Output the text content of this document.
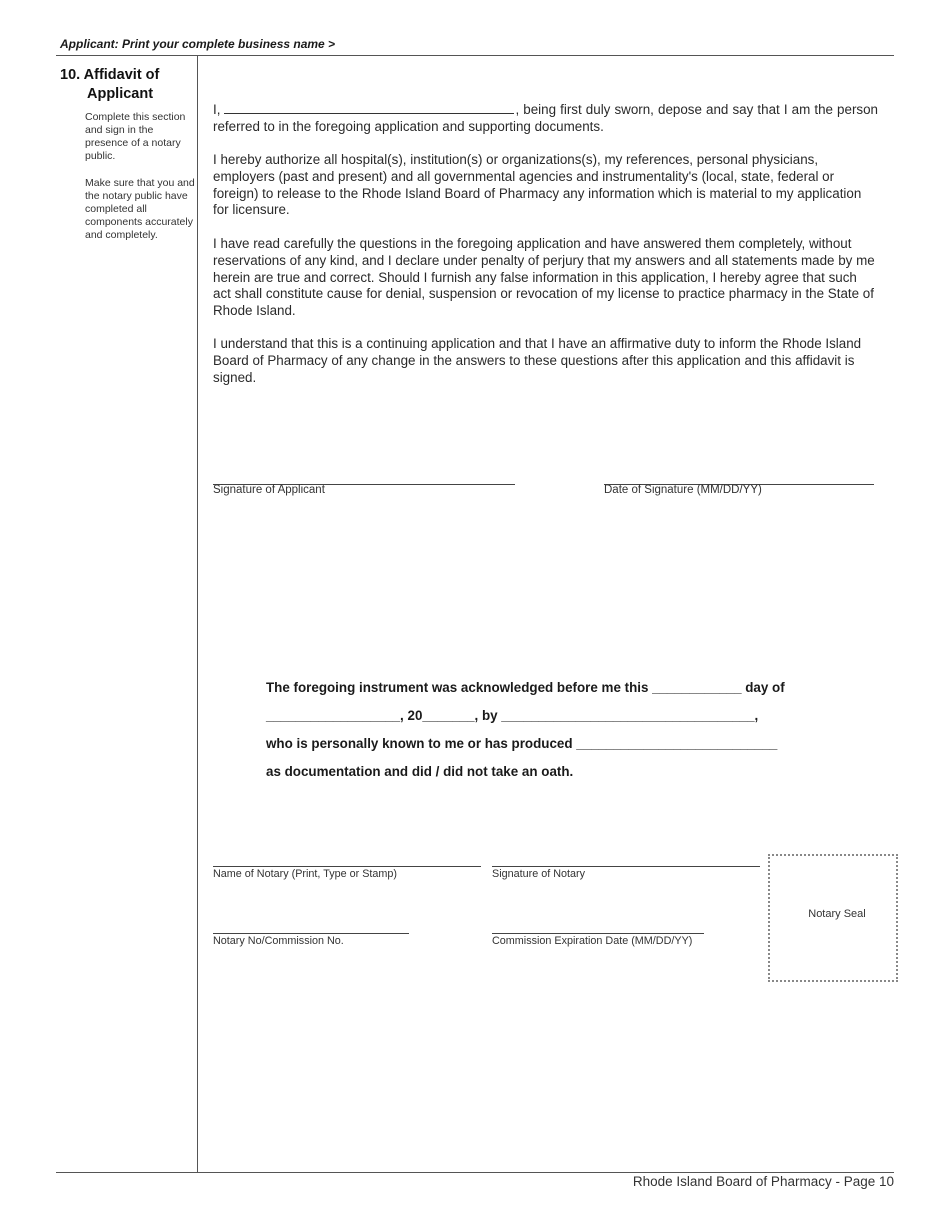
Applicant: Print your complete business name >
10. Affidavit of
Applicant
Complete this section and sign in the presence of a notary public.
Make sure that you and the notary public have completed all components accurately and completely.
I,	, being first duly sworn, depose and say that I am the person referred to in the foregoing application and supporting documents.
I hereby authorize all hospital(s), institution(s) or organizations(s), my references, personal physicians, employers (past and present) and all governmental agencies and instrumentality's (local, state, federal or foreign) to release to the Rhode Island Board of Pharmacy any information which is material to my application for licensure.
I have read carefully the questions in the foregoing application and have answered them completely, without reservations of any kind, and I declare under penalty of perjury that my answers and all statements made by me herein are true and correct. Should I furnish any false information in this application, I hereby agree that such act shall constitute cause for denial, suspension or revocation of my license to practice pharmacy in the State of Rhode Island.
I understand that this is a continuing application and that I have an affirmative duty to inform the Rhode Island Board of Pharmacy of any change in the answers to these questions after this application and this affidavit is signed.
Signature of Applicant	Date of Signature (MM/DD/YY)
The foregoing instrument was acknowledged before me this ____________ day of
__________________, 20_______, by __________________________________,
who is personally known to me or has produced ___________________________
as documentation and did / did not take an oath.
Name of Notary (Print, Type or Stamp)	Signature of Notary
Notary No/Commission No.	Commission Expiration Date (MM/DD/YY)
Notary Seal
Rhode Island Board of Pharmacy - Page 10
